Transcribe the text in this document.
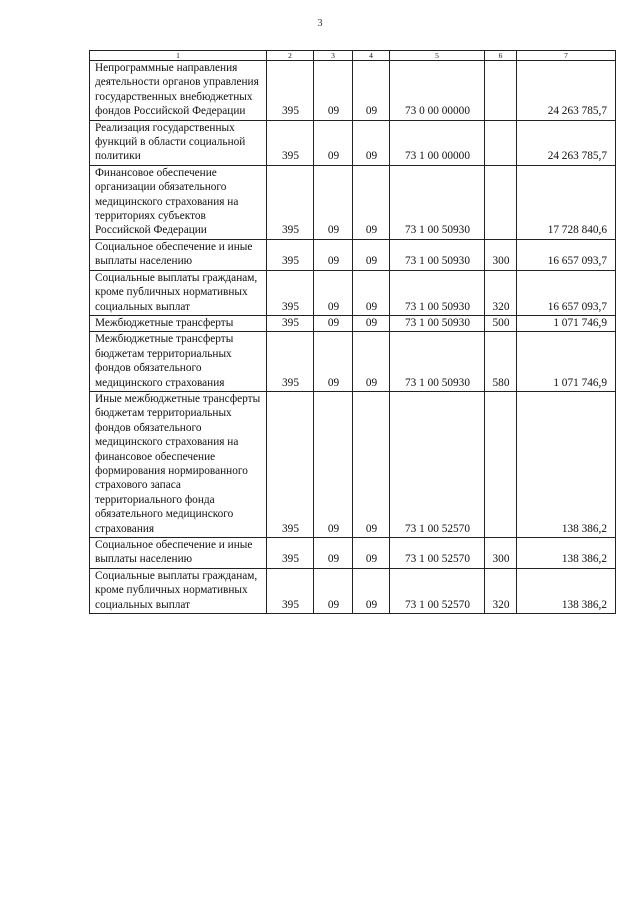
3
1	2	3	4	5	6	7
Непрограммные направления деятельности органов управления государственных внебюджетных фондов Российской Федерации	395	09	09	73 0 00 00000		24 263 785,7
Реализация государственных функций в области социальной политики	395	09	09	73 1 00 00000		24 263 785,7
Финансовое обеспечение организации обязательного медицинского страхования на территориях субъектов Российской Федерации	395	09	09	73 1 00 50930		17 728 840,6
Социальное обеспечение и иные выплаты населению	395	09	09	73 1 00 50930	300	16 657 093,7
Социальные выплаты гражданам, кроме публичных нормативных социальных выплат	395	09	09	73 1 00 50930	320	16 657 093,7
Межбюджетные трансферты	395	09	09	73 1 00 50930	500	1 071 746,9
Межбюджетные трансферты бюджетам территориальных фондов обязательного медицинского страхования	395	09	09	73 1 00 50930	580	1 071 746,9
Иные межбюджетные трансферты бюджетам территориальных фондов обязательного медицинского страхования на финансовое обеспечение формирования нормированного страхового запаса территориального фонда обязательного медицинского страхования	395	09	09	73 1 00 52570		138 386,2
Социальное обеспечение и иные выплаты населению	395	09	09	73 1 00 52570	300	138 386,2
Социальные выплаты гражданам, кроме публичных нормативных социальных выплат	395	09	09	73 1 00 52570	320	138 386,2
